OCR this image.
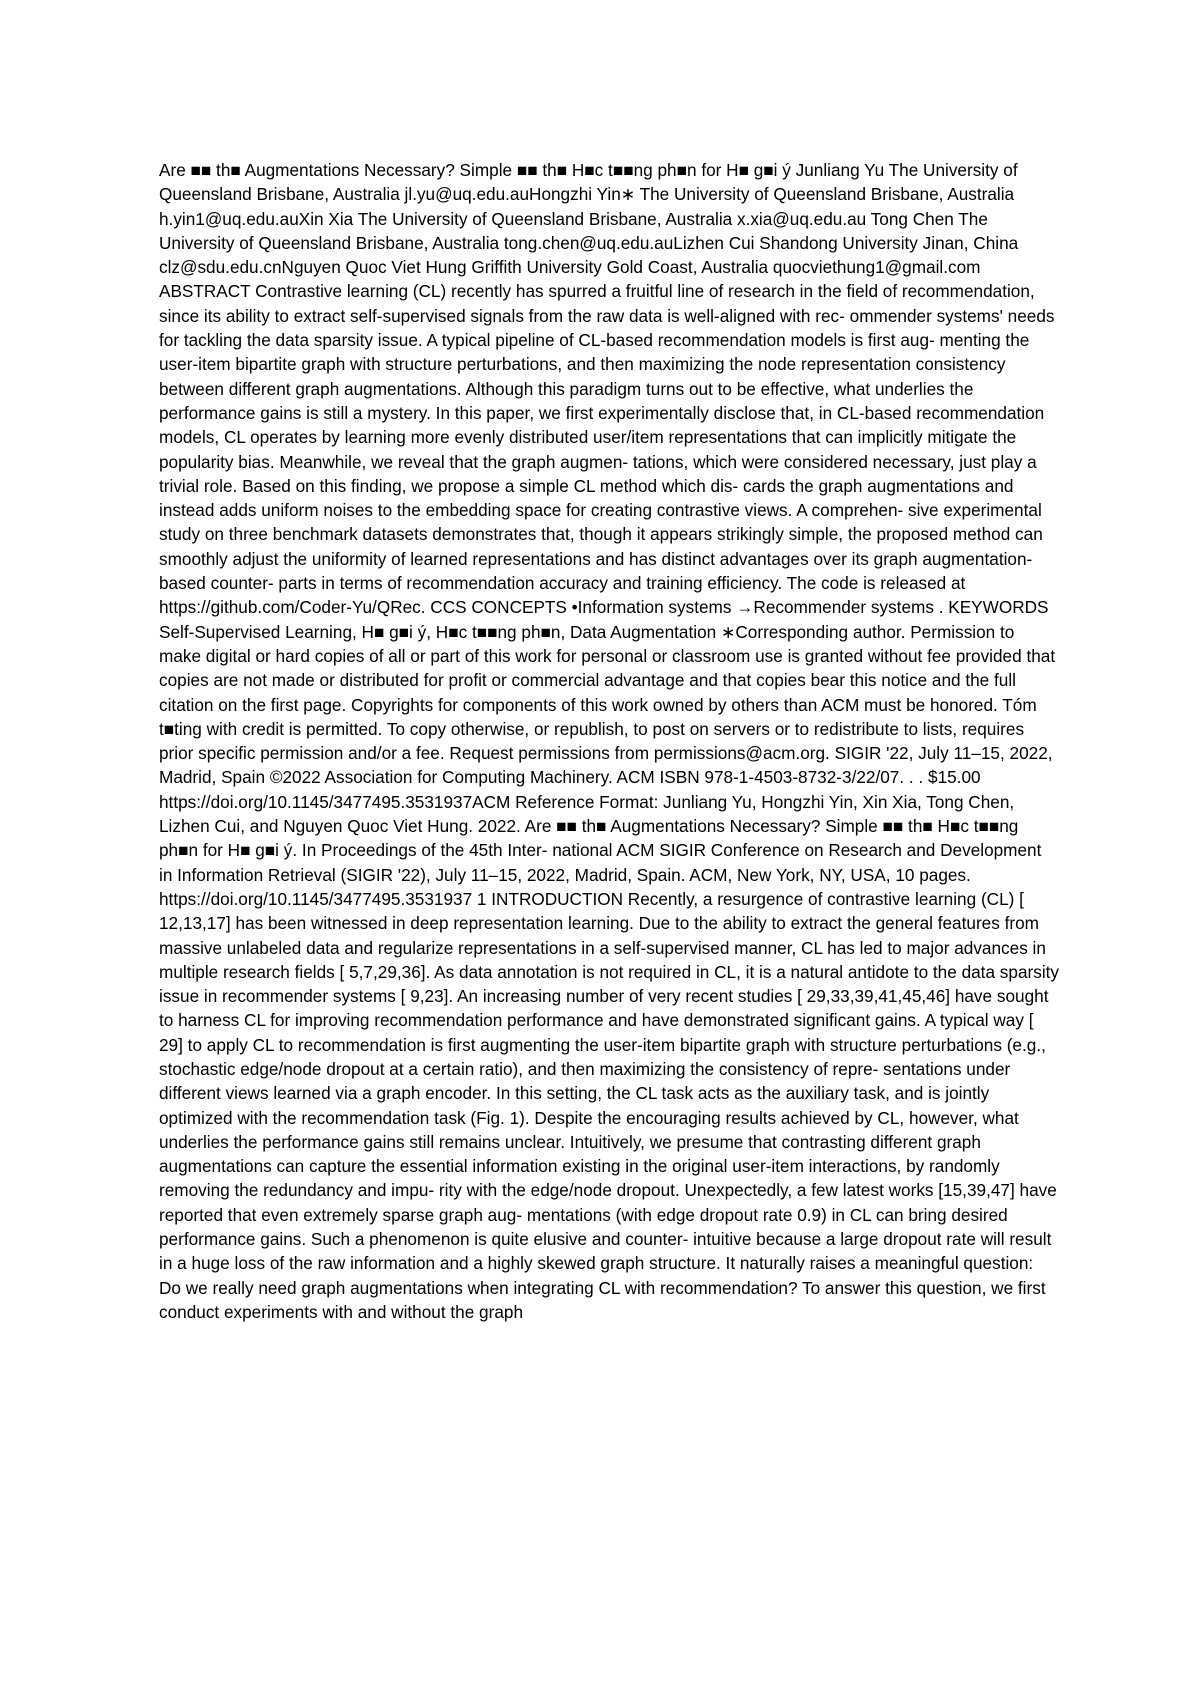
Are ■■ th■ Augmentations Necessary? Simple ■■ th■ H■c t■■ng ph■n for H■ g■i ý Junliang Yu The University of Queensland Brisbane, Australia jl.yu@uq.edu.auHongzhi Yin∗ The University of Queensland Brisbane, Australia h.yin1@uq.edu.auXin Xia The University of Queensland Brisbane, Australia x.xia@uq.edu.au Tong Chen The University of Queensland Brisbane, Australia tong.chen@uq.edu.auLizhen Cui Shandong University Jinan, China clz@sdu.edu.cnNguyen Quoc Viet Hung Griffith University Gold Coast, Australia quocviethung1@gmail.com ABSTRACT Contrastive learning (CL) recently has spurred a fruitful line of research in the field of recommendation, since its ability to extract self-supervised signals from the raw data is well-aligned with rec- ommender systems' needs for tackling the data sparsity issue. A typical pipeline of CL-based recommendation models is first aug- menting the user-item bipartite graph with structure perturbations, and then maximizing the node representation consistency between different graph augmentations. Although this paradigm turns out to be effective, what underlies the performance gains is still a mystery. In this paper, we first experimentally disclose that, in CL-based recommendation models, CL operates by learning more evenly distributed user/item representations that can implicitly mitigate the popularity bias. Meanwhile, we reveal that the graph augmen- tations, which were considered necessary, just play a trivial role. Based on this finding, we propose a simple CL method which dis- cards the graph augmentations and instead adds uniform noises to the embedding space for creating contrastive views. A comprehen- sive experimental study on three benchmark datasets demonstrates that, though it appears strikingly simple, the proposed method can smoothly adjust the uniformity of learned representations and has distinct advantages over its graph augmentation-based counter- parts in terms of recommendation accuracy and training efficiency. The code is released at https://github.com/Coder-Yu/QRec. CCS CONCEPTS •Information systems →Recommender systems . KEYWORDS Self-Supervised Learning, H■ g■i ý, H■c t■■ng ph■n, Data Augmentation ∗Corresponding author. Permission to make digital or hard copies of all or part of this work for personal or classroom use is granted without fee provided that copies are not made or distributed for profit or commercial advantage and that copies bear this notice and the full citation on the first page. Copyrights for components of this work owned by others than ACM must be honored. Tóm t■ting with credit is permitted. To copy otherwise, or republish, to post on servers or to redistribute to lists, requires prior specific permission and/or a fee. Request permissions from permissions@acm.org. SIGIR '22, July 11–15, 2022, Madrid, Spain ©2022 Association for Computing Machinery. ACM ISBN 978-1-4503-8732-3/22/07. . . $15.00 https://doi.org/10.1145/3477495.3531937ACM Reference Format: Junliang Yu, Hongzhi Yin, Xin Xia, Tong Chen, Lizhen Cui, and Nguyen Quoc Viet Hung. 2022. Are ■■ th■ Augmentations Necessary? Simple ■■ th■ H■c t■■ng ph■n for H■ g■i ý. In Proceedings of the 45th Inter- national ACM SIGIR Conference on Research and Development in Information Retrieval (SIGIR '22), July 11–15, 2022, Madrid, Spain. ACM, New York, NY, USA, 10 pages. https://doi.org/10.1145/3477495.3531937 1 INTRODUCTION Recently, a resurgence of contrastive learning (CL) [ 12,13,17] has been witnessed in deep representation learning. Due to the ability to extract the general features from massive unlabeled data and regularize representations in a self-supervised manner, CL has led to major advances in multiple research fields [ 5,7,29,36]. As data annotation is not required in CL, it is a natural antidote to the data sparsity issue in recommender systems [ 9,23]. An increasing number of very recent studies [ 29,33,39,41,45,46] have sought to harness CL for improving recommendation performance and have demonstrated significant gains. A typical way [ 29] to apply CL to recommendation is first augmenting the user-item bipartite graph with structure perturbations (e.g., stochastic edge/node dropout at a certain ratio), and then maximizing the consistency of repre- sentations under different views learned via a graph encoder. In this setting, the CL task acts as the auxiliary task, and is jointly optimized with the recommendation task (Fig. 1). Despite the encouraging results achieved by CL, however, what underlies the performance gains still remains unclear. Intuitively, we presume that contrasting different graph augmentations can capture the essential information existing in the original user-item interactions, by randomly removing the redundancy and impu- rity with the edge/node dropout. Unexpectedly, a few latest works [15,39,47] have reported that even extremely sparse graph aug- mentations (with edge dropout rate 0.9) in CL can bring desired performance gains. Such a phenomenon is quite elusive and counter- intuitive because a large dropout rate will result in a huge loss of the raw information and a highly skewed graph structure. It naturally raises a meaningful question: Do we really need graph augmentations when integrating CL with recommendation? To answer this question, we first conduct experiments with and without the graph
